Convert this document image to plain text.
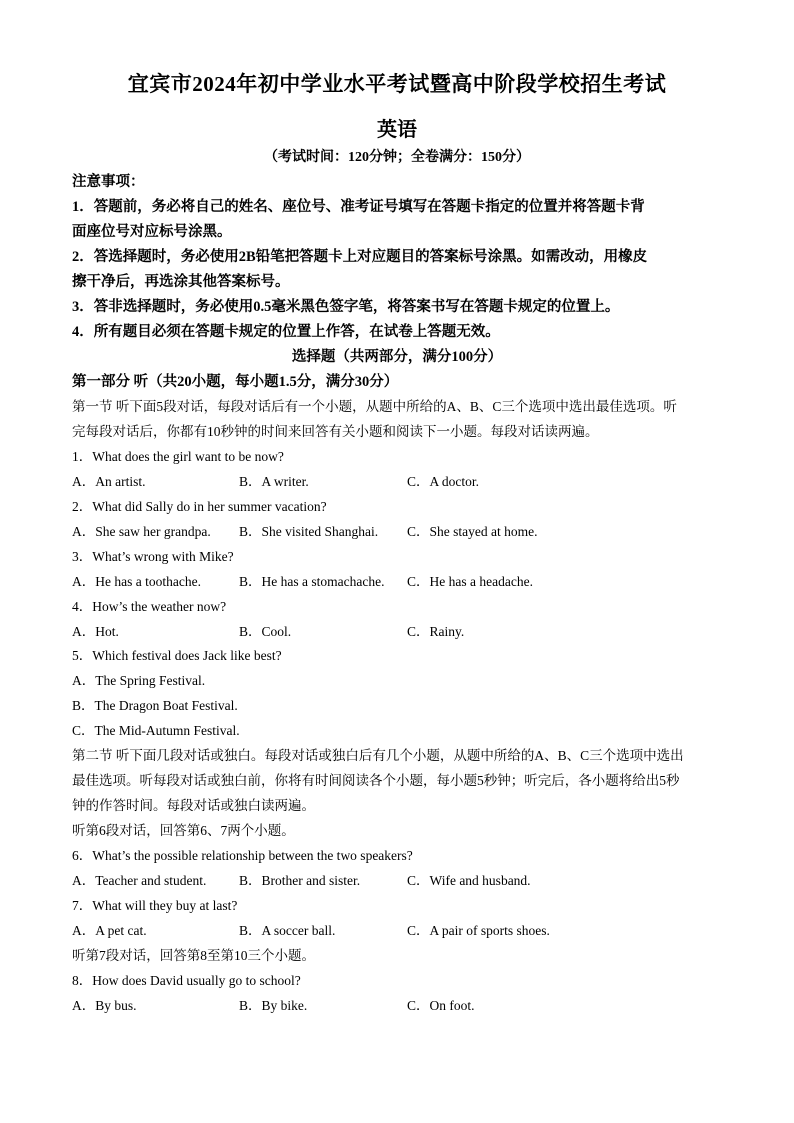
宜宾市2024年初中学业水平考试暨高中阶段学校招生考试
英语
（考试时间：120分钟；全卷满分：150分）
注意事项：
1．答题前，务必将自己的姓名、座位号、准考证号填写在答题卡指定的位置并将答题卡背
面座位号对应标号涂黑。
2．答选择题时，务必使用2B铅笔把答题卡上对应题目的答案标号涂黑。如需改动，用橡皮
擦干净后，再选涂其他答案标号。
3．答非选择题时，务必使用0.5毫米黑色签字笔，将答案书写在答题卡规定的位置上。
4．所有题目必须在答题卡规定的位置上作答，在试卷上答题无效。
选择题（共两部分，满分100分）
第一部分 听（共20小题，每小题1.5分，满分30分）
第一节 听下面5段对话，每段对话后有一个小题，从题中所给的A、B、C三个选项中选出最佳选项。听
完每段对话后，你都有10秒钟的时间来回答有关小题和阅读下一小题。每段对话读两遍。
1．What does the girl want to be now?
A．An artist.	B．A writer.	C．A doctor.
2．What did Sally do in her summer vacation?
A．She saw her grandpa. B．She visited Shanghai. C．She stayed at home.
3．What’s wrong with Mike?
A．He has a toothache.	B．He has a stomachache. C．He has a headache.
4．How’s the weather now?
A．Hot.	B．Cool.	C．Rainy.
5．Which festival does Jack like best?
A．The Spring Festival.
B．The Dragon Boat Festival.
C．The Mid-Autumn Festival.
第二节 听下面几段对话或独白。每段对话或独白后有几个小题，从题中所给的A、B、C三个选项中选出
最佳选项。听每段对话或独白前，你将有时间阅读各个小题，每小题5秒钟；听完后，各小题将给出5秒
钟的作答时间。每段对话或独白读两遍。
听第6段对话，回答第6、7两个小题。
6．What’s the possible relationship between the two speakers?
A．Teacher and student. B．Brother and sister.	C．Wife and husband.
7．What will they buy at last?
A．A pet cat.	B．A soccer ball.	C．A pair of sports shoes.
听第7段对话，回答第8至第10三个小题。
8．How does David usually go to school?
A．By bus.	B．By bike.	C．On foot.
